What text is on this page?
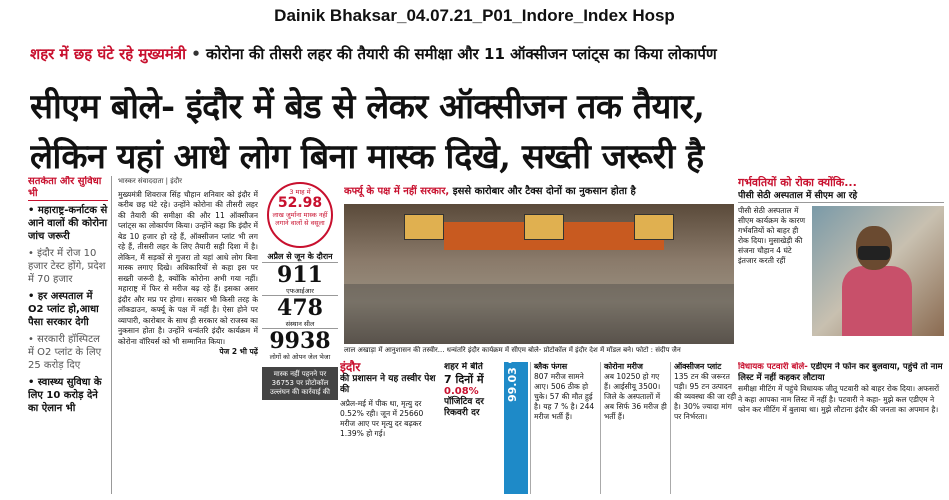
Dainik Bhaksar_04.07.21_P01_Indore_Index Hosp
शहर में छह घंटे रहे मुख्यमंत्री • कोरोना की तीसरी लहर की तैयारी की समीक्षा और 11 ऑक्सीजन प्लांट्स का किया लोकार्पण
सीएम बोले- इंदौर में बेड से लेकर ऑक्सीजन तक तैयार,
लेकिन यहां आधे लोग बिना मास्क दिखे, सख्ती जरूरी है
सतर्कता और सुविधा भी
• महाराष्ट्र-कर्नाटक से आने वालों की कोरोना जांच जरूरी
• इंदौर में रोज 10 हजार टेस्ट होंगे, प्रदेश में 70 हजार
• हर अस्पताल में O2 प्लांट हो,आधा पैसा सरकार देगी
• सरकारी हॉस्पिटल में O2 प्लांट के लिए 25 करोड़ दिए
• स्वास्थ्य सुविधा के लिए 10 करोड़ देने का ऐलान भी
भास्कर संवाददाता | इंदौर
मुख्यमंत्री शिवराज सिंह चौहान शनिवार को इंदौर में करीब छह घंटे रहे। उन्होंने कोरोना की तीसरी लहर की तैयारी की समीक्षा की और 11 ऑक्सीजन प्लांट्स का लोकार्पण किया। उन्होंने कहा कि इंदौर में बेड 10 हजार हो रहे हैं, ऑक्सीजन प्लांट भी लग रहे हैं, तीसरी लहर के लिए तैयारी सही दिशा में है। लेकिन, मैं सड़कों से गुजरा तो यहां आधे लोग बिना मास्क लगाए दिखे। अधिकारियों से कहा इस पर सख्ती जरूरी है, क्योंकि कोरोना अभी गया नहीं। महाराष्ट्र में फिर से मरीज बढ़ रहे हैं। इसका असर इंदौर और मप्र पर होगा। सरकार भी किसी तरह के लॉकडाउन, कर्फ्यू के पक्ष में नहीं है। ऐसा होने पर व्यापारी, कारोबार के साथ ही सरकार को राजस्व का नुकसान होता है। उन्होंने धन्वंतरि इंदौर कार्यक्रम में कोरोना वॉरियर्स को भी सम्मानित किया।
पेज 2 भी पढ़ें
3 माह में
52.98
लाख जुर्माना मास्क नहीं लगाने वालों से वसूला
अप्रैल से जून के दौरान
911
एफआईआर
478
संस्थान सील
9938
लोगों को ओपन जेल भेजा
मास्क नहीं पहनने पर 36753 पर प्रोटोकॉल उल्लंघन की कार्रवाई की
कर्फ्यू के पक्ष में नहीं सरकार, इससे कारोबार और टैक्स दोनों का नुकसान होता है
लाल अखाड़ा में आनुशासन की तस्वीर... धन्वंतरि इंदौर कार्यक्रम में सीएम बोले- प्रोटोकॉल में इंदौर देश में मॉडल बने। फोटो : संदीप जैन
इंदौर
की प्रशासन ने यह तस्वीर पेश की
अप्रैल-मई में पीक था, मृत्यु दर 0.52% रही। जून में 25660 मरीज आए पर मृत्यु दर बढ़कर 1.39% हो गई।
शहर में बीते
7 दिनों में
0.08%
पॉजिटिव दर
रिकवरी दर
99.03 % ब्लैक फंगस
807 मरीज सामने आए। 506 ठीक हो चुके। 57 की मौत हुई है। यह 7 % है। 244 मरीज भर्ती हैं।
कोरोना मरीज
अब 10250 हो गए हैं। आईसीयू 3500। जिले के अस्पतालों में अब सिर्फ 36 मरीज ही भर्ती हैं।
ऑक्सीजन प्लांट
135 टन की जरूरत पड़ी। 95 टन उत्पादन की व्यवस्था की जा रही है। 30% ज्यादा मांग पर निर्भरता।
गर्भवतियों को रोका क्योंकि...
पीसी सेठी अस्पताल में सीएम आ रहे
पीसी सेठी अस्पताल में सीएम कार्यक्रम के कारण गर्भवतियों को बाहर ही रोक दिया। मुसाखेड़ी की संजना चौहान 4 घंटे इंतजार करती रहीं
विधायक पटवारी बोले- एडीएम ने फोन कर बुलवाया, पहुंचे तो नाम लिस्ट में नहीं कहकर लौटाया
समीक्षा मीटिंग में पहुंचे विधायक जीतू पटवारी को बाहर रोक दिया। अफसरों ने कहा आपका नाम लिस्ट में नहीं है। पटवारी ने कहा- मुझे कल एडीएम ने फोन कर मीटिंग में बुलाया था। मुझे लौटाना इंदौर की जनता का अपमान है।
